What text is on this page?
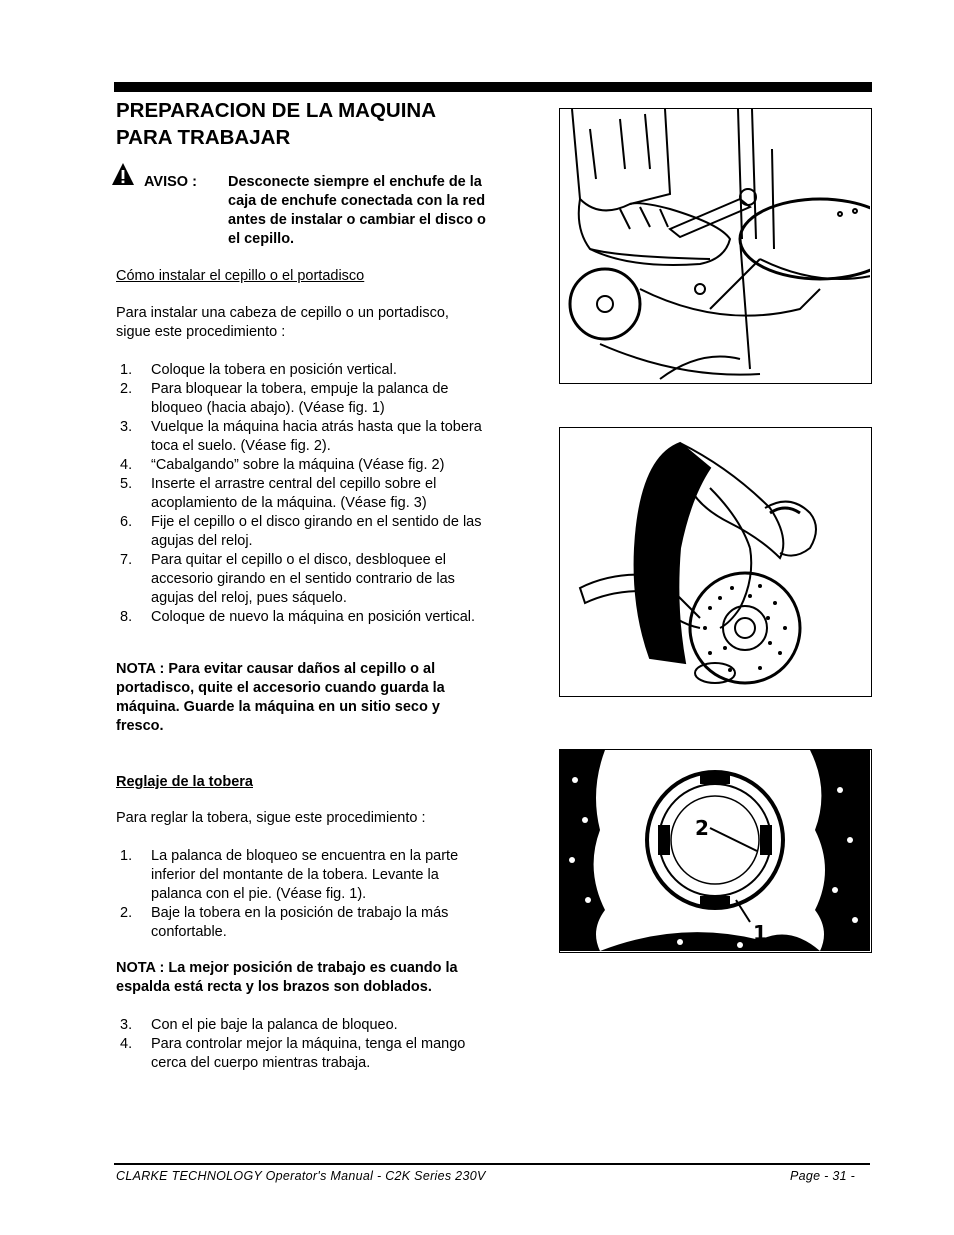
PREPARACION DE LA MAQUINA
PARA TRABAJAR
AVISO : Desconecte siempre el enchufe de la caja de enchufe conectada con la red antes de instalar o cambiar el disco o el cepillo.
Cómo instalar el cepillo o el portadisco
Para instalar una cabeza de cepillo o un portadisco, sigue este procedimiento :
1. Coloque la tobera en posición vertical.
2. Para bloquear la tobera, empuje la palanca de bloqueo (hacia abajo). (Véase fig. 1)
3. Vuelque la máquina hacia atrás hasta que la tobera toca el suelo. (Véase fig. 2).
4. “Cabalgando” sobre la máquina (Véase fig. 2)
5. Inserte el arrastre central del cepillo sobre el acoplamiento de la máquina. (Véase fig. 3)
6. Fije el cepillo o el disco girando en el sentido de las agujas del reloj.
7. Para quitar el cepillo o el disco, desbloquee el accesorio girando en el sentido contrario de las agujas del reloj, pues sáquelo.
8. Coloque de nuevo la máquina en posición vertical.
NOTA : Para evitar causar daños al cepillo o al portadisco, quite el accesorio cuando guarda la máquina. Guarde la máquina en un sitio seco y fresco.
Reglaje de la tobera
Para reglar la tobera, sigue este procedimiento :
1. La palanca de bloqueo se encuentra en la parte inferior del montante de la tobera. Levante la palanca con el pie. (Véase fig. 1).
2. Baje la tobera en la posición de trabajo la más confortable.
NOTA : La mejor posición de trabajo es cuando la espalda está recta y los brazos son doblados.
3. Con el pie baje la palanca de bloqueo.
4. Para controlar mejor la máquina, tenga el mango cerca del cuerpo mientras trabaja.
2
1
CLARKE TECHNOLOGY Operator's Manual - C2K Series 230V	Page - 31 -
